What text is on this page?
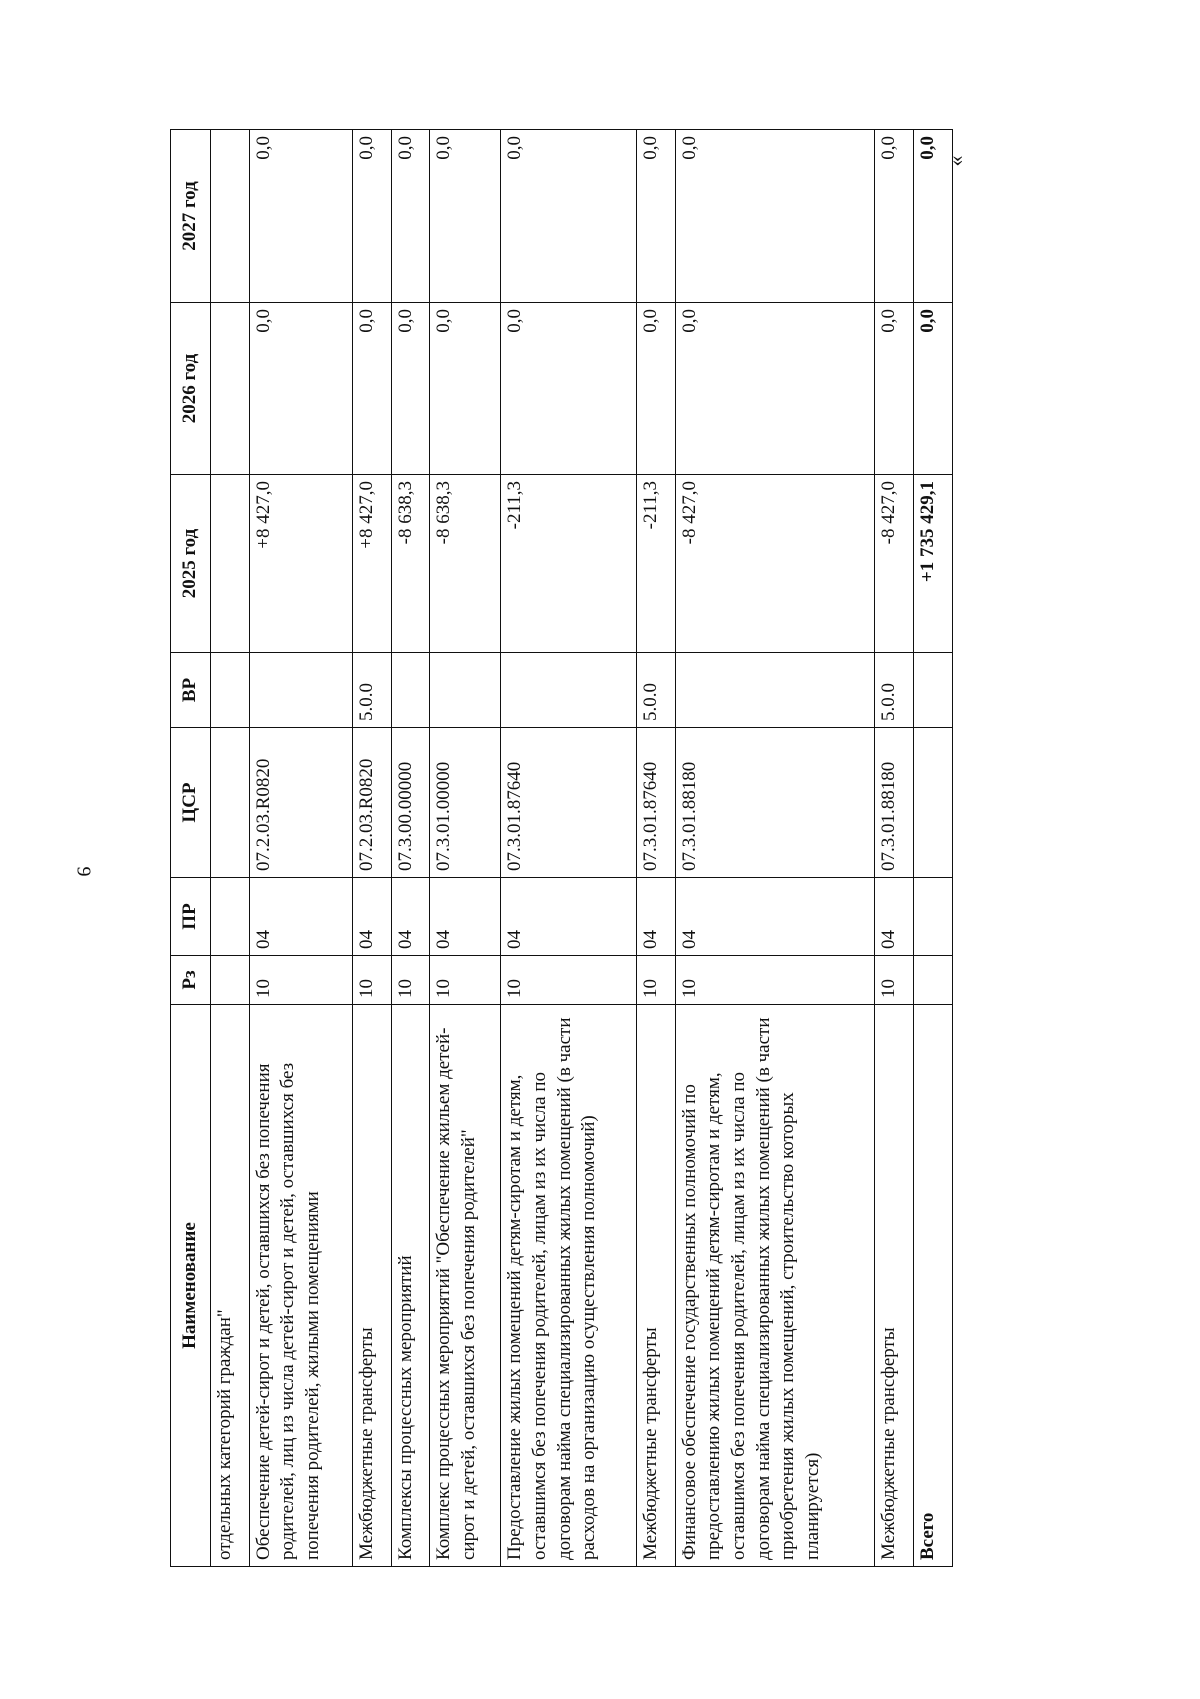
9
»
Наименование	Рз	ПР	ЦСР	ВР	2025 год	2026 год	2027 год
отдельных категорий граждан"							
Обеспечение детей-сирот и детей, оставшихся без попечения родителей, лиц из числа детей-сирот и детей, оставшихся без попечения родителей, жилыми помещениями	10	04	07.2.03.R0820		+8 427,0	0,0	0,0
Межбюджетные трансферты	10	04	07.2.03.R0820	5.0.0	+8 427,0	0,0	0,0
Комплексы процессных мероприятий	10	04	07.3.00.00000		-8 638,3	0,0	0,0
Комплекс процессных мероприятий "Обеспечение жильем детей-сирот и детей, оставшихся без попечения родителей"	10	04	07.3.01.00000		-8 638,3	0,0	0,0
Предоставление жилых помещений детям-сиротам и детям, оставшимся без попечения родителей, лицам из их числа по договорам найма специализированных жилых помещений (в части расходов на организацию осуществления полномочий)	10	04	07.3.01.87640		-211,3	0,0	0,0
Межбюджетные трансферты	10	04	07.3.01.87640	5.0.0	-211,3	0,0	0,0
Финансовое обеспечение государственных полномочий по предоставлению жилых помещений детям-сиротам и детям, оставшимся без попечения родителей, лицам из их числа по договорам найма специализированных жилых помещений (в части приобретения жилых помещений, строительство которых планируется)	10	04	07.3.01.88180		-8 427,0	0,0	0,0
Межбюджетные трансферты	10	04	07.3.01.88180	5.0.0	-8 427,0	0,0	0,0
Всего					+1 735 429,1	0,0	0,0
